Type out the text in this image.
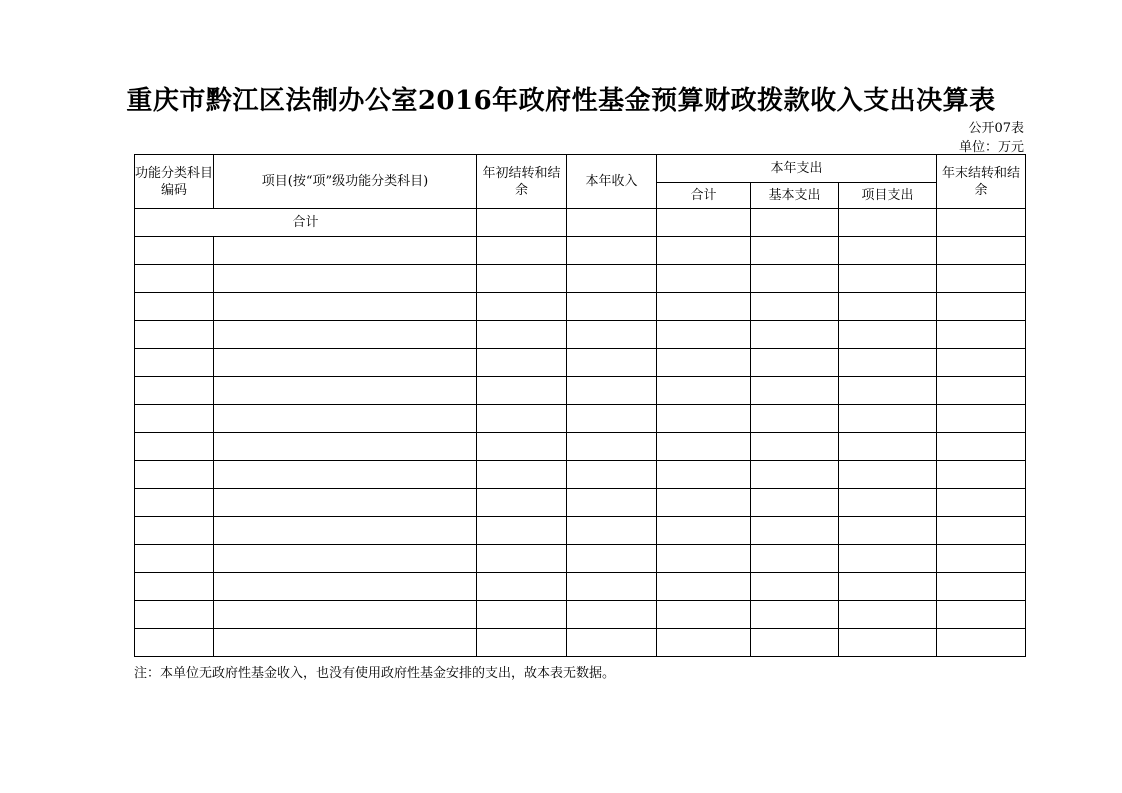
重庆市黔江区法制办公室2016年政府性基金预算财政拨款收入支出决算表
公开07表
单位：万元
功能分类科目编码	项目(按“项”级功能分类科目)	年初结转和结余	本年收入	本年支出			年末结转和结余
				合计	基本支出	项目支出	
合计							

注：本单位无政府性基金收入，也没有使用政府性基金安排的支出，故本表无数据。
